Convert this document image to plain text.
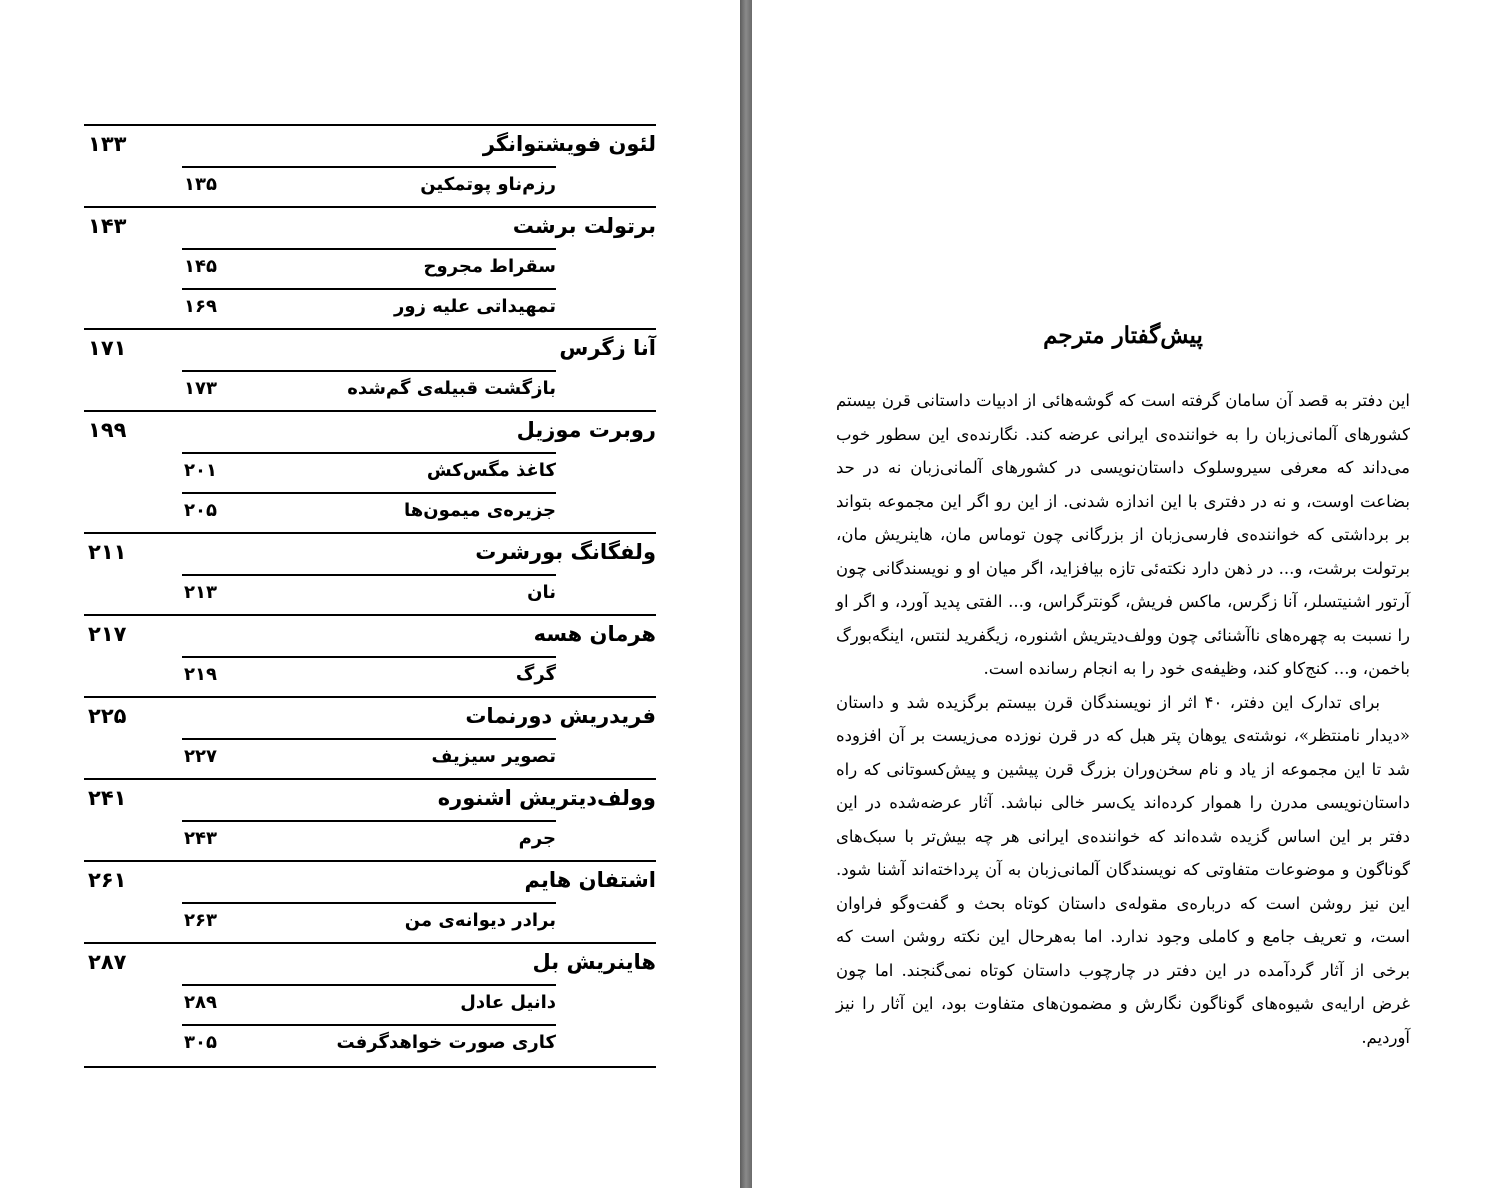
لئون فویشتوانگر
۱۳۳
رزم‌ناو پوتمکین
۱۳۵
برتولت برشت
۱۴۳
سقراط مجروح
۱۴۵
تمهیداتی علیه زور
۱۶۹
آنا زگرس
۱۷۱
بازگشت قبیله‌ی گم‌شده
۱۷۳
روبرت موزیل
۱۹۹
کاغذ مگس‌کش
۲۰۱
جزیره‌ی میمون‌ها
۲۰۵
ولفگانگ بورشرت
۲۱۱
نان
۲۱۳
هرمان هسه
۲۱۷
گرگ
۲۱۹
فریدریش دورنمات
۲۲۵
تصویر سیزیف
۲۲۷
وولف‌دیتریش اشنوره
۲۴۱
جرم
۲۴۳
اشتفان هایم
۲۶۱
برادر دیوانه‌ی من
۲۶۳
هاینریش بل
۲۸۷
دانیل عادل
۲۸۹
کاری صورت خواهدگرفت
۳۰۵
پیش‌گفتار مترجم

این دفتر به قصد آن سامان گرفته است که گوشه‌هائی از ادبیات داستانی قرن بیستم کشورهای آلمانی‌زبان را به خواننده‌ی ایرانی عرضه کند. نگارنده‌ی این سطور خوب می‌داند که معرفی سیروسلوک داستان‌نویسی در کشورهای آلمانی‌زبان نه در حد بضاعت اوست، و نه در دفتری با این اندازه شدنی. از این رو اگر این مجموعه بتواند بر برداشتی که خواننده‌ی فارسی‌زبان از بزرگانی چون توماس مان، هاینریش مان، برتولت برشت، و... در ذهن دارد نکته‌ئی تازه بیافزاید، اگر میان او و نویسندگانی چون آرتور اشنیتسلر، آنا زگرس، ماکس فریش، گونترگراس، و... الفتی پدید آورد، و اگر او را نسبت به چهره‌های ناآشنائی چون وولف‌دیتریش اشنوره، زیگفرید لنتس، اینگه‌بورگ باخمن، و... کنج‌کاو کند، وظیفه‌ی خود را به انجام رسانده است.

برای تدارک این دفتر، ۴۰ اثر از نویسندگان قرن بیستم برگزیده شد و داستان «دیدار نامنتظر»، نوشته‌ی یوهان پتر هبل که در قرن نوزده می‌زیست بر آن افزوده شد تا این مجموعه از یاد و نام سخن‌وران بزرگ قرن پیشین و پیش‌کسوتانی که راه داستان‌نویسی مدرن را هموار کرده‌اند یک‌سر خالی نباشد. آثار عرضه‌شده در این دفتر بر این اساس گزیده شده‌اند که خواننده‌ی ایرانی هر چه بیش‌تر با سبک‌های گوناگون و موضوعات متفاوتی که نویسندگان آلمانی‌زبان به آن پرداخته‌اند آشنا شود. این نیز روشن است که درباره‌ی مقوله‌ی داستان کوتاه بحث و گفت‌وگو فراوان است، و تعریف جامع و کاملی وجود ندارد. اما به‌هرحال این نکته روشن است که برخی از آثار گردآمده در این دفتر در چارچوب داستان کوتاه نمی‌گنجند. اما چون غرض ارایه‌ی شیوه‌های گوناگون نگارش و مضمون‌های متفاوت بود، این آثار را نیز آوردیم.
